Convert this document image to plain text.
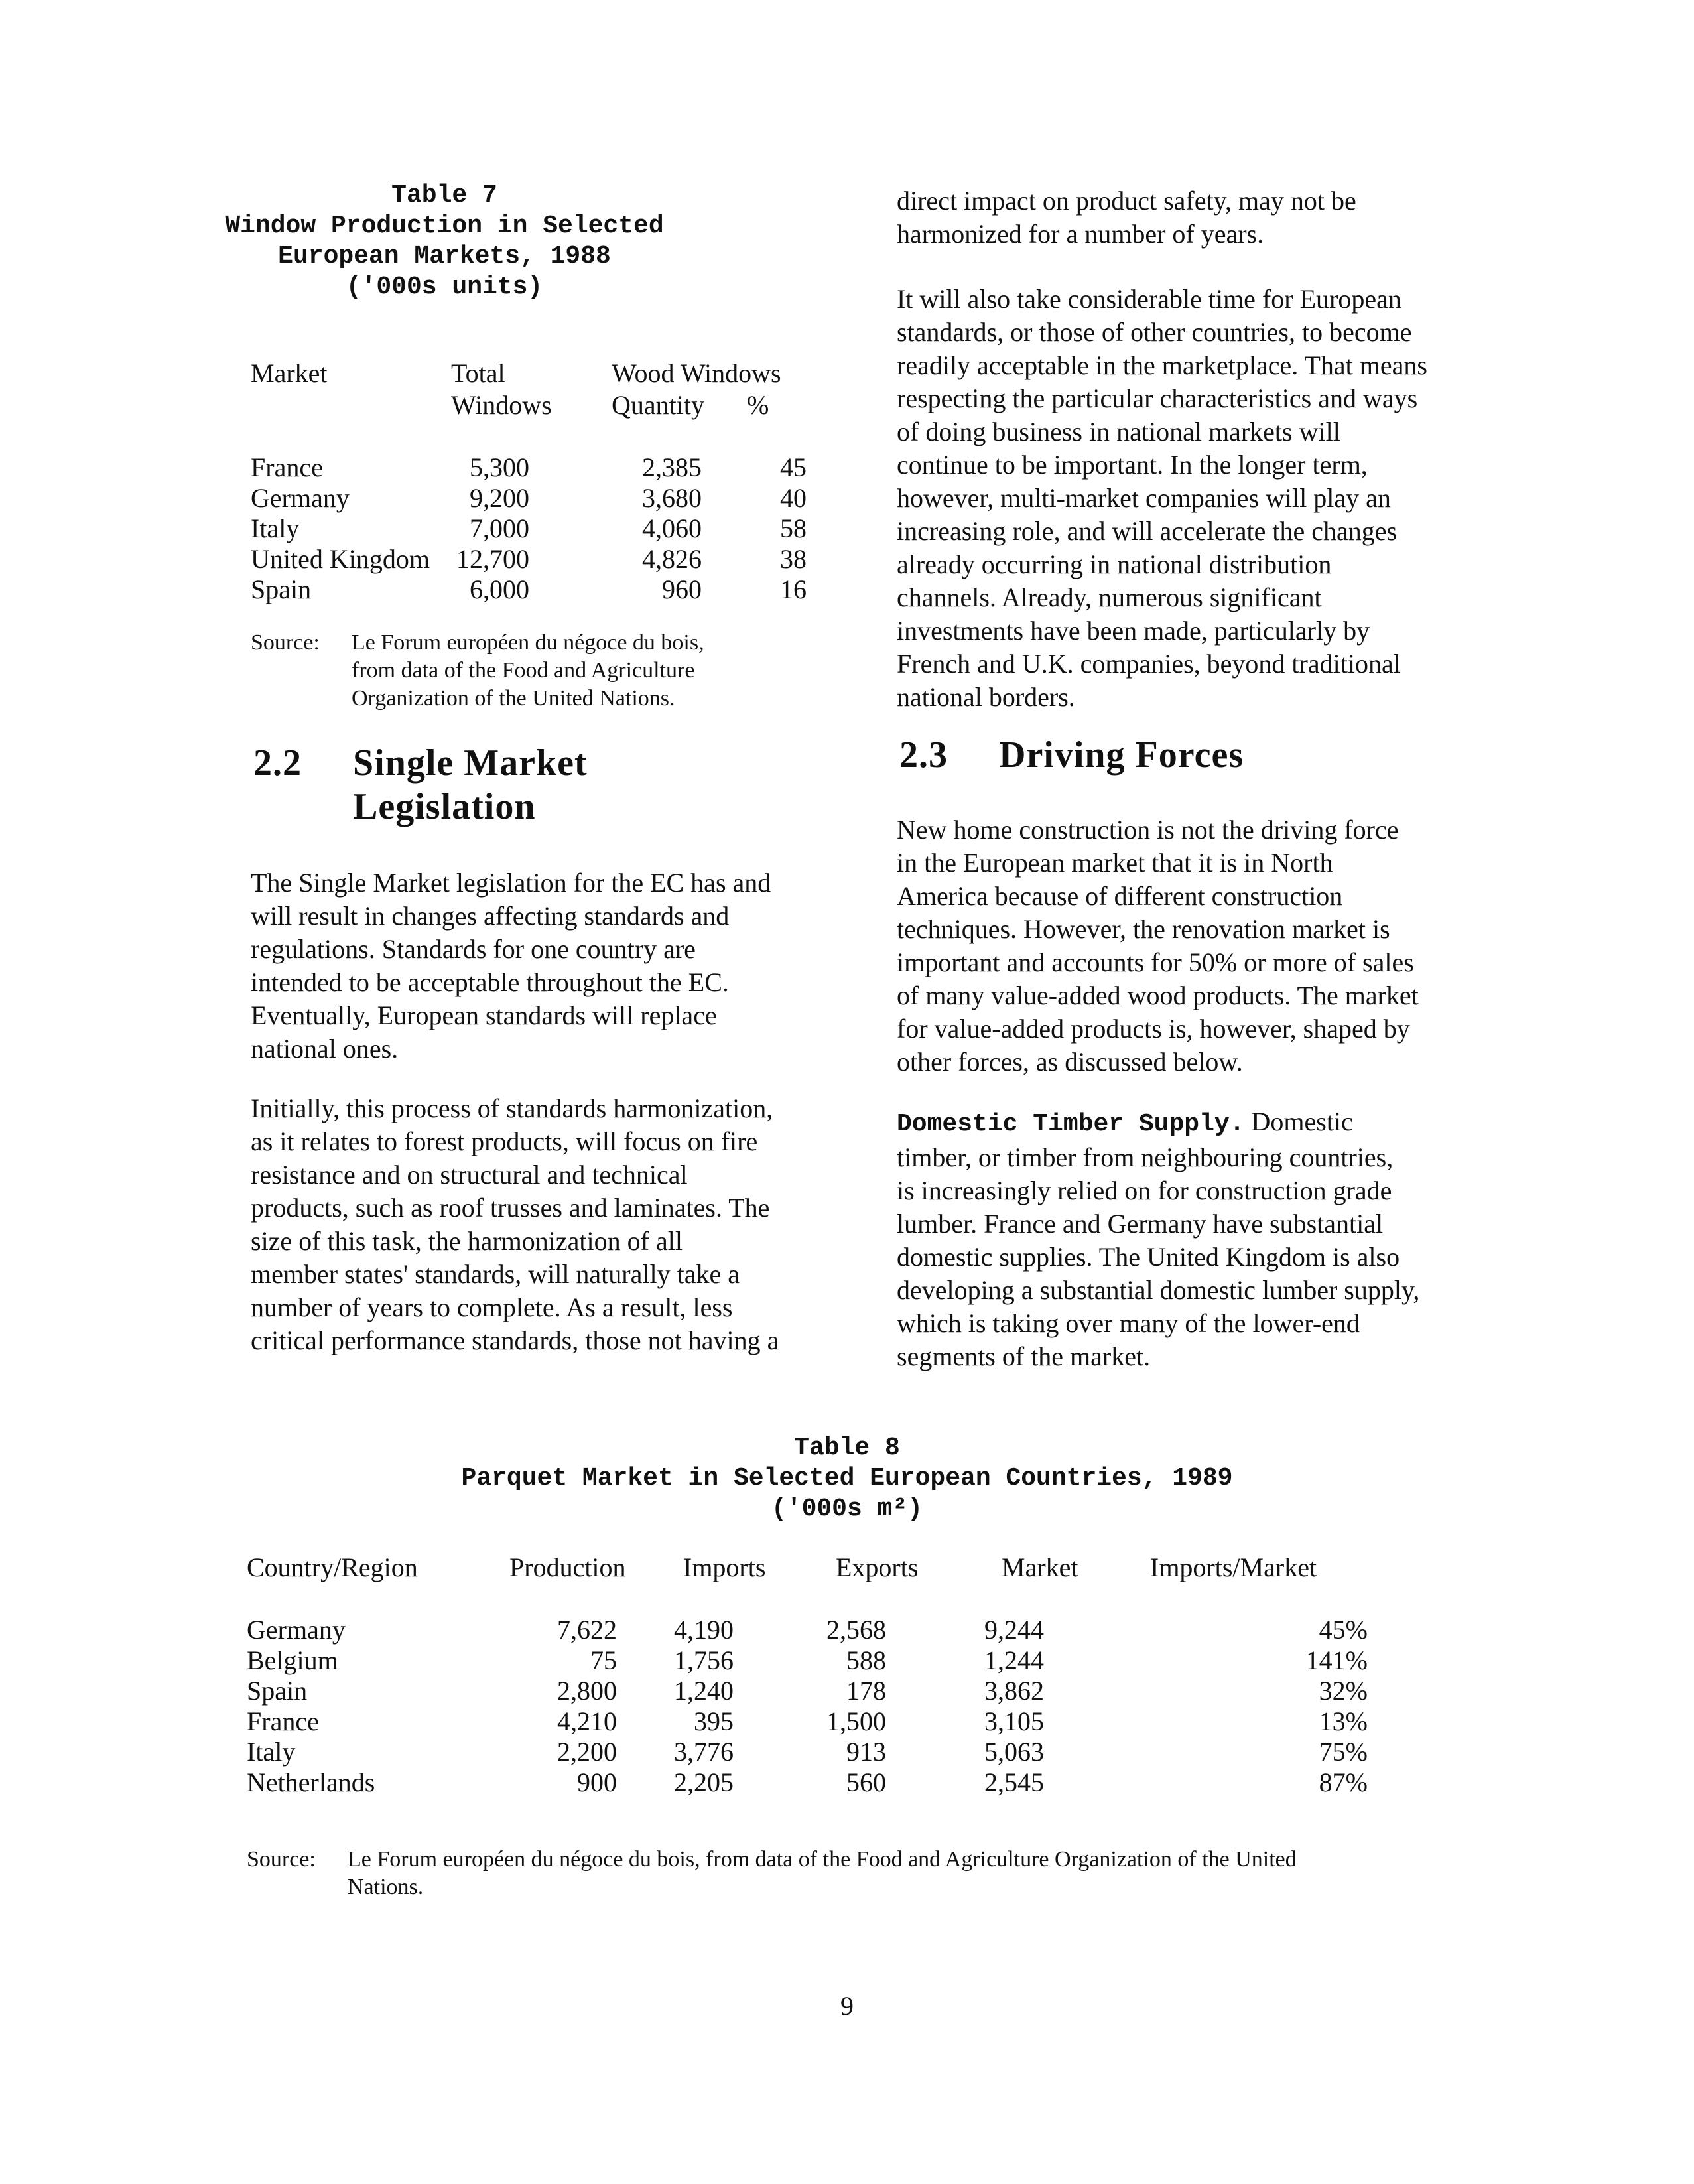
Table 7
Window Production in Selected
European Markets, 1988
('000s units)
Market	Total	Wood Windows
Windows Quantity %
France	5,300	2,385	45
Germany	9,200	3,680	40
Italy	7,000	4,060	58
United Kingdom 12,700	4,826	38
Spain	6,000	960	16
Source: Le Forum européen du négoce du bois,
from data of the Food and Agriculture
Organization of the United Nations.
2.2 Single Market
Legislation
The Single Market legislation for the EC has and
will result in changes affecting standards and
regulations. Standards for one country are
intended to be acceptable throughout the EC.
Eventually, European standards will replace
national ones.
Initially, this process of standards harmonization,
as it relates to forest products, will focus on fire
resistance and on structural and technical
products, such as roof trusses and laminates. The
size of this task, the harmonization of all
member states' standards, will naturally take a
number of years to complete. As a result, less
critical performance standards, those not having a
direct impact on product safety, may not be
harmonized for a number of years.
It will also take considerable time for European
standards, or those of other countries, to become
readily acceptable in the marketplace. That means
respecting the particular characteristics and ways
of doing business in national markets will
continue to be important. In the longer term,
however, multi-market companies will play an
increasing role, and will accelerate the changes
already occurring in national distribution
channels. Already, numerous significant
investments have been made, particularly by
French and U.K. companies, beyond traditional
national borders.
2.3 Driving Forces
New home construction is not the driving force
in the European market that it is in North
America because of different construction
techniques. However, the renovation market is
important and accounts for 50% or more of sales
of many value-added wood products. The market
for value-added products is, however, shaped by
other forces, as discussed below.
Domestic Timber Supply. Domestic
timber, or timber from neighbouring countries,
is increasingly relied on for construction grade
lumber. France and Germany have substantial
domestic supplies. The United Kingdom is also
developing a substantial domestic lumber supply,
which is taking over many of the lower-end
segments of the market.
Table 8
Parquet Market in Selected European Countries, 1989
('000s m²)
Country/Region	Production Imports	Exports	Market	Imports/Market
Germany	7,622 4,190	2,568	9,244	45%
Belgium	75 1,756	588	1,244	141%
Spain	2,800 1,240	178	3,862	32%
France	4,210	395	1,500	3,105	13%
Italy	2,200 3,776	913	5,063	75%
Netherlands	900 2,205	560	2,545	87%
Source: Le Forum européen du négoce du bois, from data of the Food and Agriculture Organization of the United
Nations.
9
